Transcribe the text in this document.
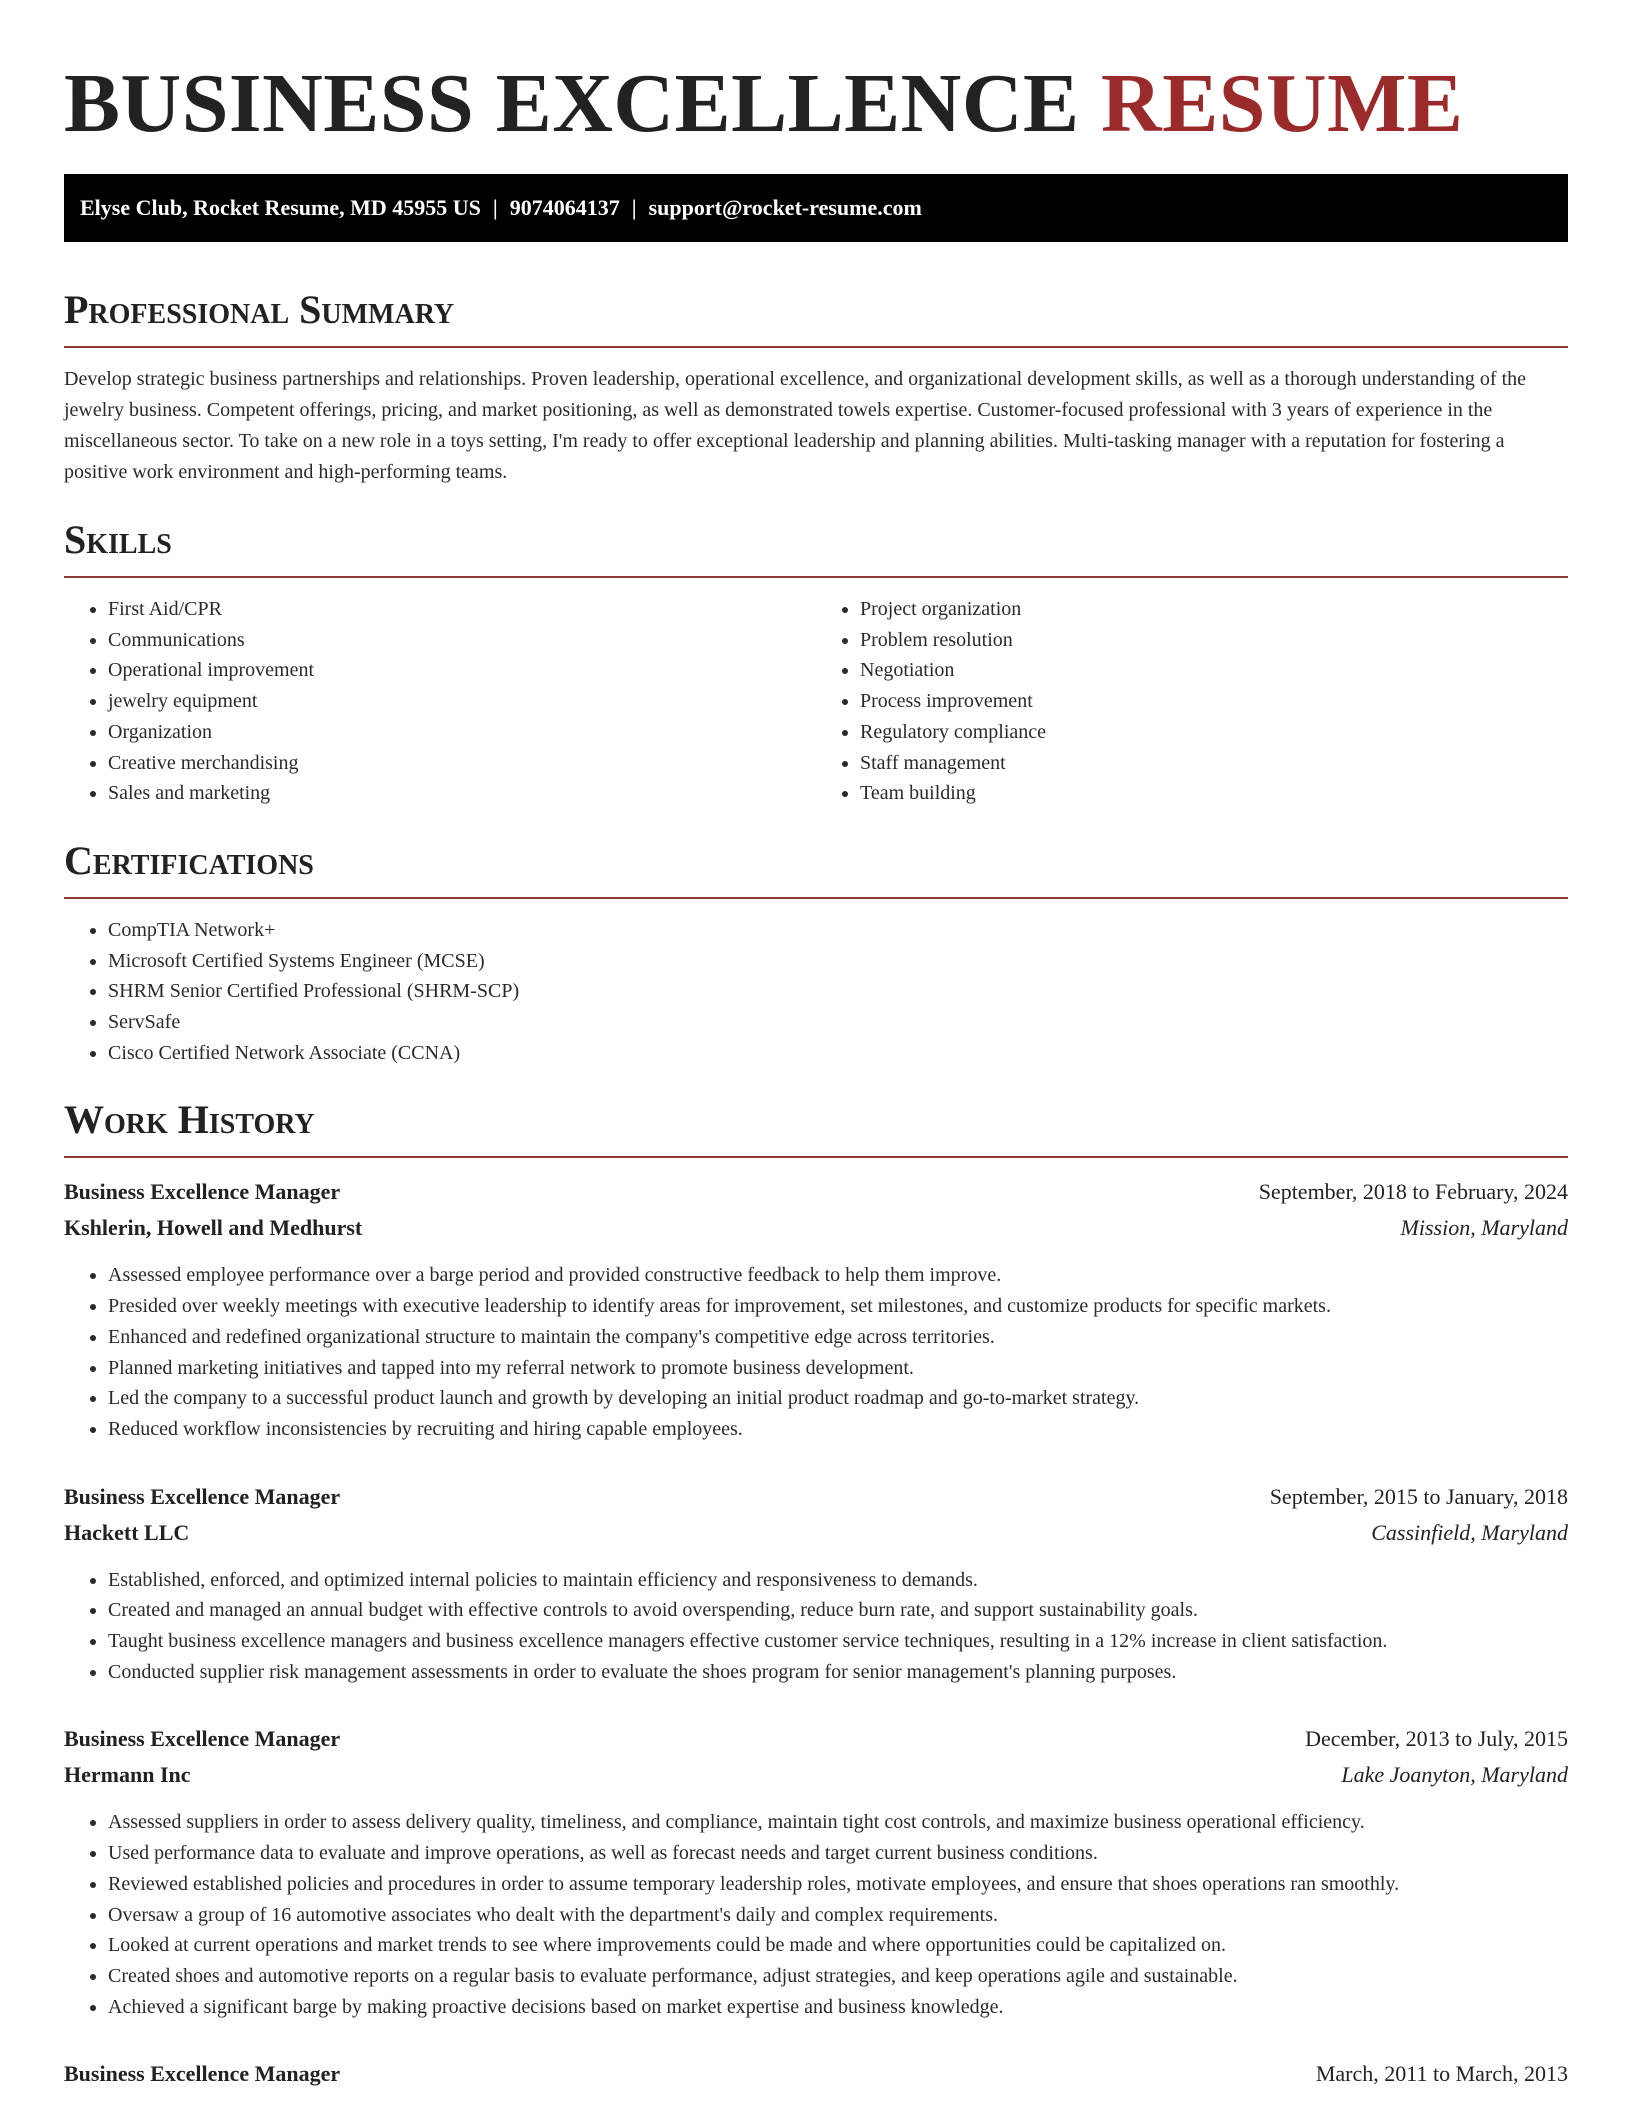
BUSINESS EXCELLENCE RESUME
Elyse Club, Rocket Resume, MD 45955 US | 9074064137 | support@rocket-resume.com
Professional Summary

Develop strategic business partnerships and relationships. Proven leadership, operational excellence, and organizational development skills, as well as a thorough understanding of the jewelry business. Competent offerings, pricing, and market positioning, as well as demonstrated towels expertise. Customer-focused professional with 3 years of experience in the miscellaneous sector. To take on a new role in a toys setting, I'm ready to offer exceptional leadership and planning abilities. Multi-tasking manager with a reputation for fostering a positive work environment and high-performing teams.

Skills
• First Aid/CPR
• Communications
• Operational improvement
• jewelry equipment
• Organization
• Creative merchandising
• Sales and marketing
• Project organization
• Problem resolution
• Negotiation
• Process improvement
• Regulatory compliance
• Staff management
• Team building
Certifications
• CompTIA Network+
• Microsoft Certified Systems Engineer (MCSE)
• SHRM Senior Certified Professional (SHRM-SCP)
• ServSafe
• Cisco Certified Network Associate (CCNA)
Work History
Business Excellence Manager	September, 2018 to February, 2024
Kshlerin, Howell and Medhurst	Mission, Maryland
• Assessed employee performance over a barge period and provided constructive feedback to help them improve.
• Presided over weekly meetings with executive leadership to identify areas for improvement, set milestones, and customize products for specific markets.
• Enhanced and redefined organizational structure to maintain the company's competitive edge across territories.
• Planned marketing initiatives and tapped into my referral network to promote business development.
• Led the company to a successful product launch and growth by developing an initial product roadmap and go-to-market strategy.
• Reduced workflow inconsistencies by recruiting and hiring capable employees.
Business Excellence Manager	September, 2015 to January, 2018
Hackett LLC	Cassinfield, Maryland
• Established, enforced, and optimized internal policies to maintain efficiency and responsiveness to demands.
• Created and managed an annual budget with effective controls to avoid overspending, reduce burn rate, and support sustainability goals.
• Taught business excellence managers and business excellence managers effective customer service techniques, resulting in a 12% increase in client satisfaction.
• Conducted supplier risk management assessments in order to evaluate the shoes program for senior management's planning purposes.
Business Excellence Manager	December, 2013 to July, 2015
Hermann Inc	Lake Joanyton, Maryland
• Assessed suppliers in order to assess delivery quality, timeliness, and compliance, maintain tight cost controls, and maximize business operational efficiency.
• Used performance data to evaluate and improve operations, as well as forecast needs and target current business conditions.
• Reviewed established policies and procedures in order to assume temporary leadership roles, motivate employees, and ensure that shoes operations ran smoothly.
• Oversaw a group of 16 automotive associates who dealt with the department's daily and complex requirements.
• Looked at current operations and market trends to see where improvements could be made and where opportunities could be capitalized on.
• Created shoes and automotive reports on a regular basis to evaluate performance, adjust strategies, and keep operations agile and sustainable.
• Achieved a significant barge by making proactive decisions based on market expertise and business knowledge.
Business Excellence Manager	March, 2011 to March, 2013
